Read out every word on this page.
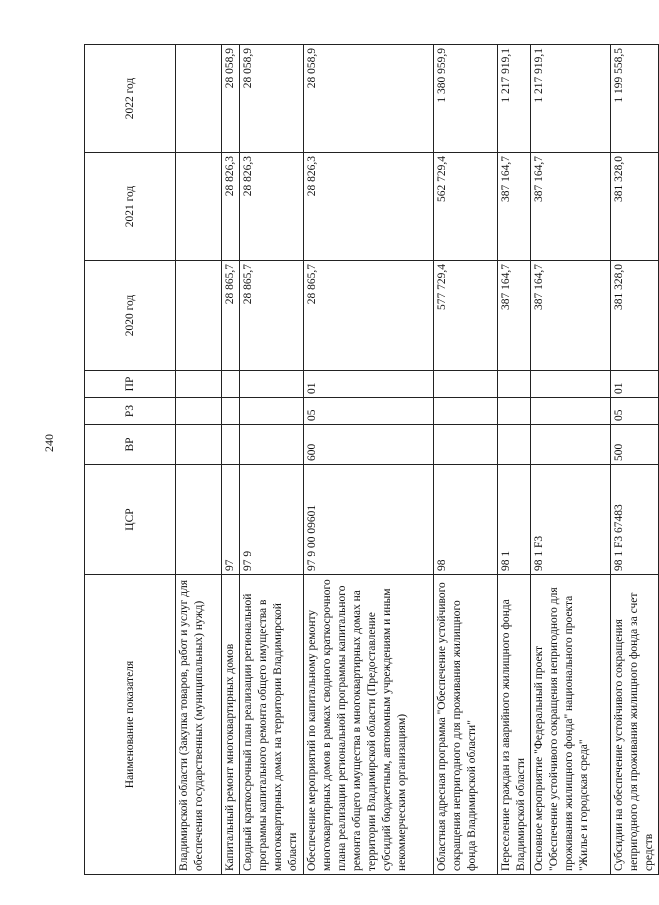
240
Наименование показателя	ЦСР	ВР	РЗ	ПР	2020 год	2021 год	2022 год
Владимирской области (Закупка товаров, работ и услуг для обеспечения государственных (муниципальных) нужд)							
Капитальный ремонт многоквартирных домов	97				28 865,7	28 826,3	28 058,9
Сводный краткосрочный план реализации региональной программы капитального ремонта общего имущества в многоквартирных домах на территории Владимирской области	97 9				28 865,7	28 826,3	28 058,9
Обеспечение мероприятий по капитальному ремонту многоквартирных домов в рамках сводного краткосрочного плана реализации региональной программы капитального ремонта общего имущества в многоквартирных домах на территории Владимирской области (Предоставление субсидий бюджетным, автономным учреждениям и иным некоммерческим организациям)	97 9 00 09601	600	05	01	28 865,7	28 826,3	28 058,9
Областная адресная программа "Обеспечение устойчивого сокращения непригодного для проживания жилищного фонда Владимирской области"	98				577 729,4	562 729,4	1 380 959,9
Переселение граждан из аварийного жилищного фонда Владимирской области	98 1				387 164,7	387 164,7	1 217 919,1
Основное мероприятие "Федеральный проект "Обеспечение устойчивого сокращения непригодного для проживания жилищного фонда" национального проекта "Жилье и городская среда"	98 1 F3				387 164,7	387 164,7	1 217 919,1
Субсидии на обеспечение устойчивого сокращения непригодного для проживания жилищного фонда за счет средств	98 1 F3 67483	500	05	01	381 328,0	381 328,0	1 199 558,5
